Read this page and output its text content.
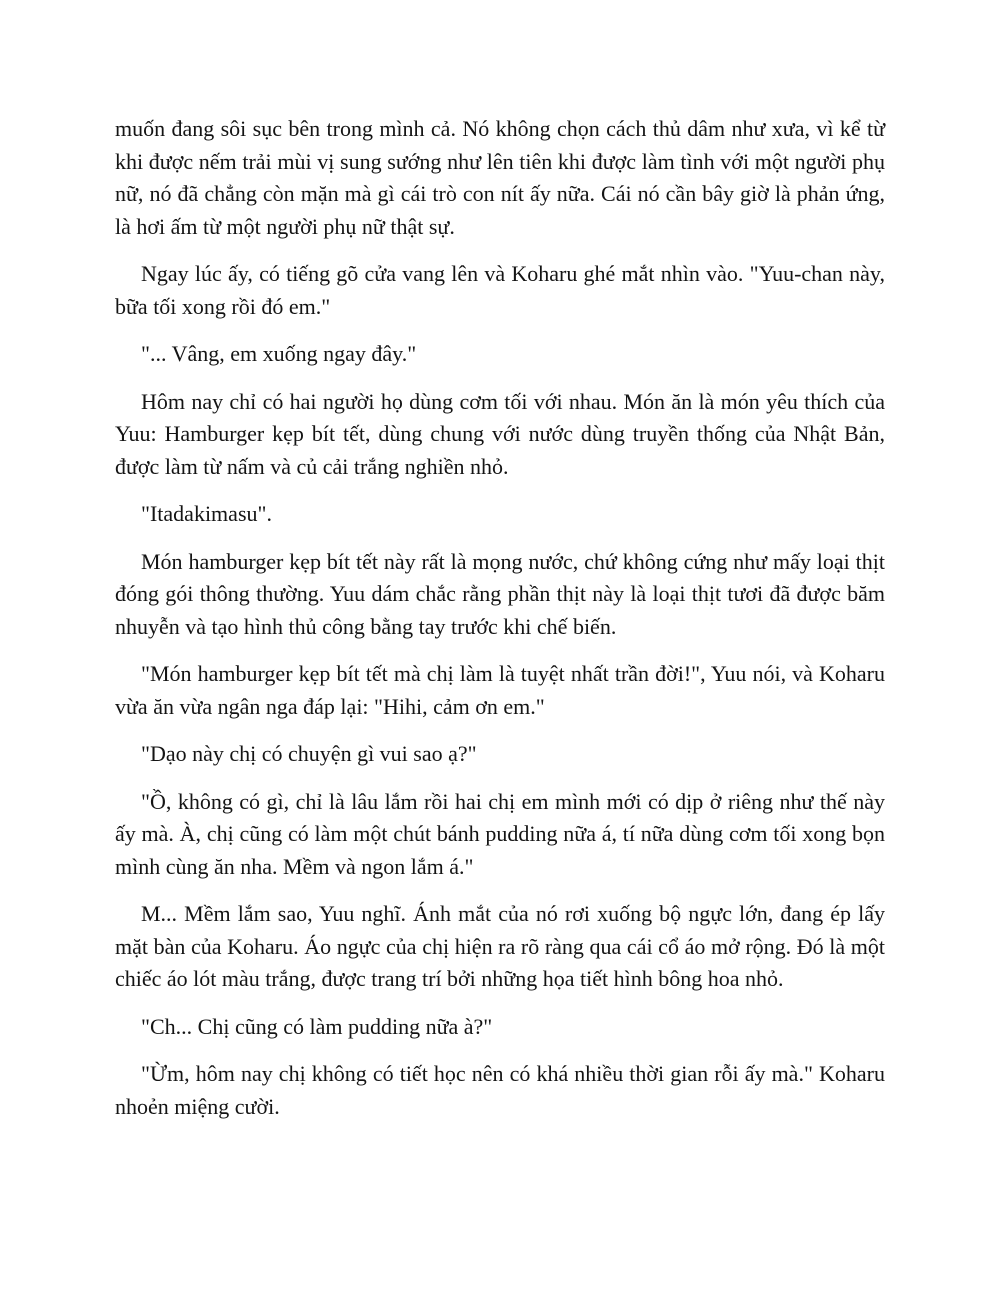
muốn đang sôi sục bên trong mình cả. Nó không chọn cách thủ dâm như xưa, vì kể từ khi được nếm trải mùi vị sung sướng như lên tiên khi được làm tình với một người phụ nữ, nó đã chẳng còn mặn mà gì cái trò con nít ấy nữa. Cái nó cần bây giờ là phản ứng, là hơi ấm từ một người phụ nữ thật sự.

Ngay lúc ấy, có tiếng gõ cửa vang lên và Koharu ghé mắt nhìn vào. "Yuu-chan này, bữa tối xong rồi đó em."

"... Vâng, em xuống ngay đây."

Hôm nay chỉ có hai người họ dùng cơm tối với nhau. Món ăn là món yêu thích của Yuu: Hamburger kẹp bít tết, dùng chung với nước dùng truyền thống của Nhật Bản, được làm từ nấm và củ cải trắng nghiền nhỏ.

"Itadakimasu".

Món hamburger kẹp bít tết này rất là mọng nước, chứ không cứng như mấy loại thịt đóng gói thông thường. Yuu dám chắc rằng phần thịt này là loại thịt tươi đã được băm nhuyễn và tạo hình thủ công bằng tay trước khi chế biến.

"Món hamburger kẹp bít tết mà chị làm là tuyệt nhất trần đời!", Yuu nói, và Koharu vừa ăn vừa ngân nga đáp lại: "Hihi, cảm ơn em."

"Dạo này chị có chuyện gì vui sao ạ?"

"Ồ, không có gì, chỉ là lâu lắm rồi hai chị em mình mới có dịp ở riêng như thế này ấy mà. À, chị cũng có làm một chút bánh pudding nữa á, tí nữa dùng cơm tối xong bọn mình cùng ăn nha. Mềm và ngon lắm á."

M... Mềm lắm sao, Yuu nghĩ. Ánh mắt của nó rơi xuống bộ ngực lớn, đang ép lấy mặt bàn của Koharu. Áo ngực của chị hiện ra rõ ràng qua cái cổ áo mở rộng. Đó là một chiếc áo lót màu trắng, được trang trí bởi những họa tiết hình bông hoa nhỏ.

"Ch... Chị cũng có làm pudding nữa à?"

"Ừm, hôm nay chị không có tiết học nên có khá nhiều thời gian rỗi ấy mà." Koharu nhoẻn miệng cười.
